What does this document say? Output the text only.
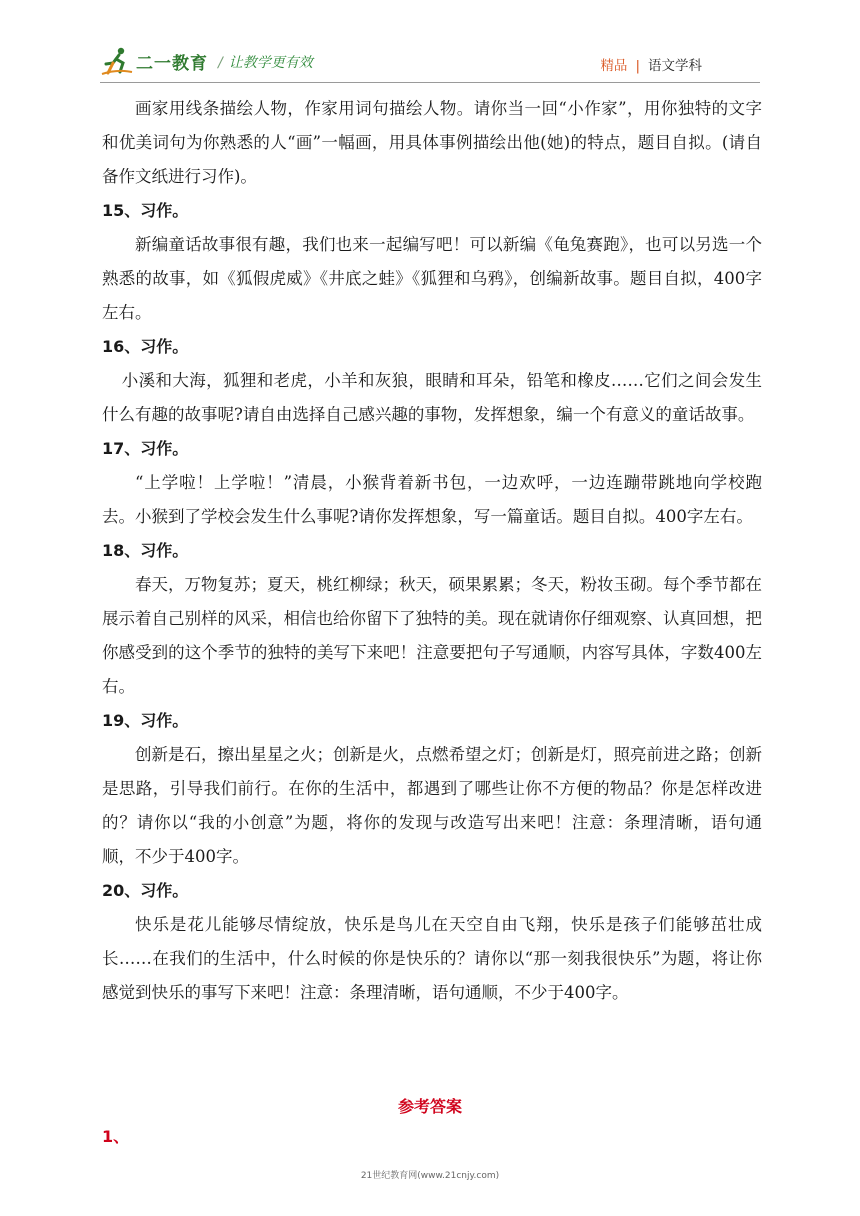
二一教育 / 让教学更有效	精品 | 语文学科

画家用线条描绘人物，作家用词句描绘人物。请你当一回“小作家”，用你独特的文字和优美词句为你熟悉的人“画”一幅画，用具体事例描绘出他(她)的特点，题目自拟。(请自备作文纸进行习作)。

15、习作。

新编童话故事很有趣，我们也来一起编写吧！可以新编《龟兔赛跑》，也可以另选一个熟悉的故事，如《狐假虎威》《井底之蛙》《狐狸和乌鸦》，创编新故事。题目自拟，400字左右。

16、习作。

小溪和大海，狐狸和老虎，小羊和灰狼，眼睛和耳朵，铅笔和橡皮……它们之间会发生什么有趣的故事呢?请自由选择自己感兴趣的事物，发挥想象，编一个有意义的童话故事。

17、习作。

“上学啦！上学啦！”清晨，小猴背着新书包，一边欢呼，一边连蹦带跳地向学校跑去。小猴到了学校会发生什么事呢?请你发挥想象，写一篇童话。题目自拟。400字左右。

18、习作。

春天，万物复苏；夏天，桃红柳绿；秋天，硕果累累；冬天，粉妆玉砌。每个季节都在展示着自己别样的风采，相信也给你留下了独特的美。现在就请你仔细观察、认真回想，把你感受到的这个季节的独特的美写下来吧！注意要把句子写通顺，内容写具体，字数400左右。

19、习作。

创新是石，擦出星星之火；创新是火，点燃希望之灯；创新是灯，照亮前进之路；创新是思路，引导我们前行。在你的生活中，都遇到了哪些让你不方便的物品？你是怎样改进的？请你以“我的小创意”为题，将你的发现与改造写出来吧！注意：条理清晰，语句通顺，不少于400字。

20、习作。

快乐是花儿能够尽情绽放，快乐是鸟儿在天空自由飞翔，快乐是孩子们能够茁壮成长……在我们的生活中，什么时候的你是快乐的？请你以“那一刻我很快乐”为题，将让你感觉到快乐的事写下来吧！注意：条理清晰，语句通顺，不少于400字。

参考答案
1、
21世纪教育网(www.21cnjy.com)
